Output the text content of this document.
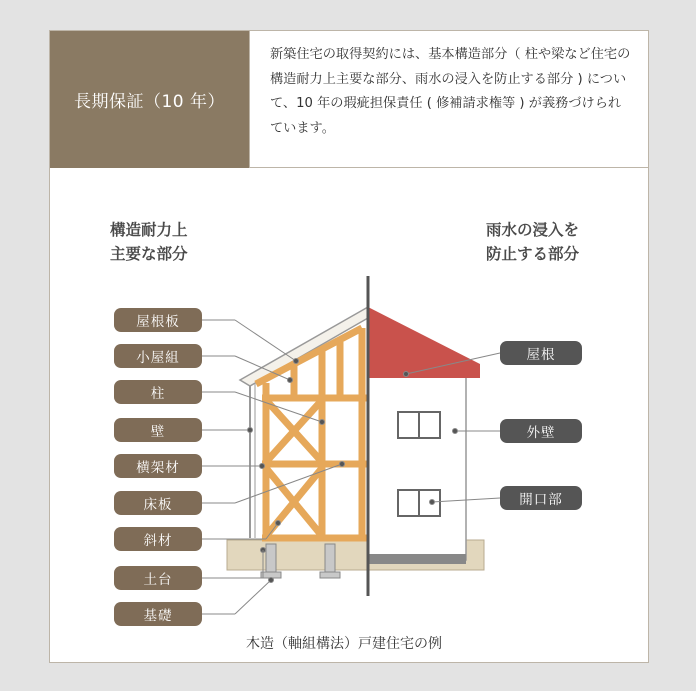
長期保証（10 年）
新築住宅の取得契約には、基本構造部分（ 柱や梁など住宅の構造耐力上主要な部分、雨水の浸入を防止する部分 ) について、10 年の瑕疵担保責任 ( 修補請求権等 ) が義務づけられています。
構造耐力上
主要な部分
雨水の浸入を
防止する部分
屋根板
小屋組
柱
壁
横架材
床板
斜材
土台
基礎
屋根
外壁
開口部
木造（軸組構法）戸建住宅の例
